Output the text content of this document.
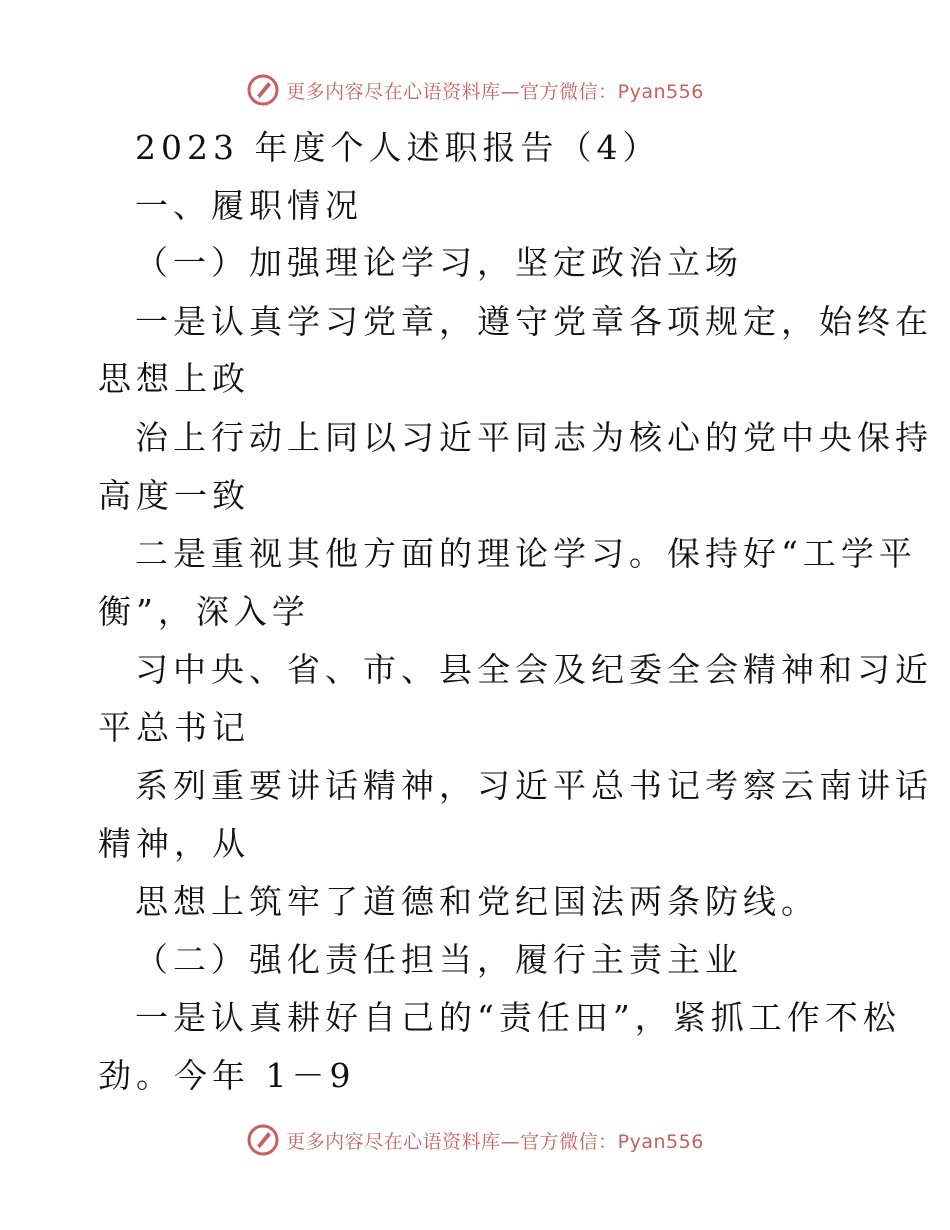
更多内容尽在心语资料库—官方微信：Pyan556
2023 年度个人述职报告（4）
一、履职情况
（一）加强理论学习，坚定政治立场
一是认真学习党章，遵守党章各项规定，始终在
思想上政
治上行动上同以习近平同志为核心的党中央保持
高度一致
二是重视其他方面的理论学习。保持好“工学平
衡”，深入学
习中央、省、市、县全会及纪委全会精神和习近
平总书记
系列重要讲话精神，习近平总书记考察云南讲话
精神，从
思想上筑牢了道德和党纪国法两条防线。
（二）强化责任担当，履行主责主业
一是认真耕好自己的“责任田”，紧抓工作不松
劲。今年 1－9
更多内容尽在心语资料库—官方微信：Pyan556
